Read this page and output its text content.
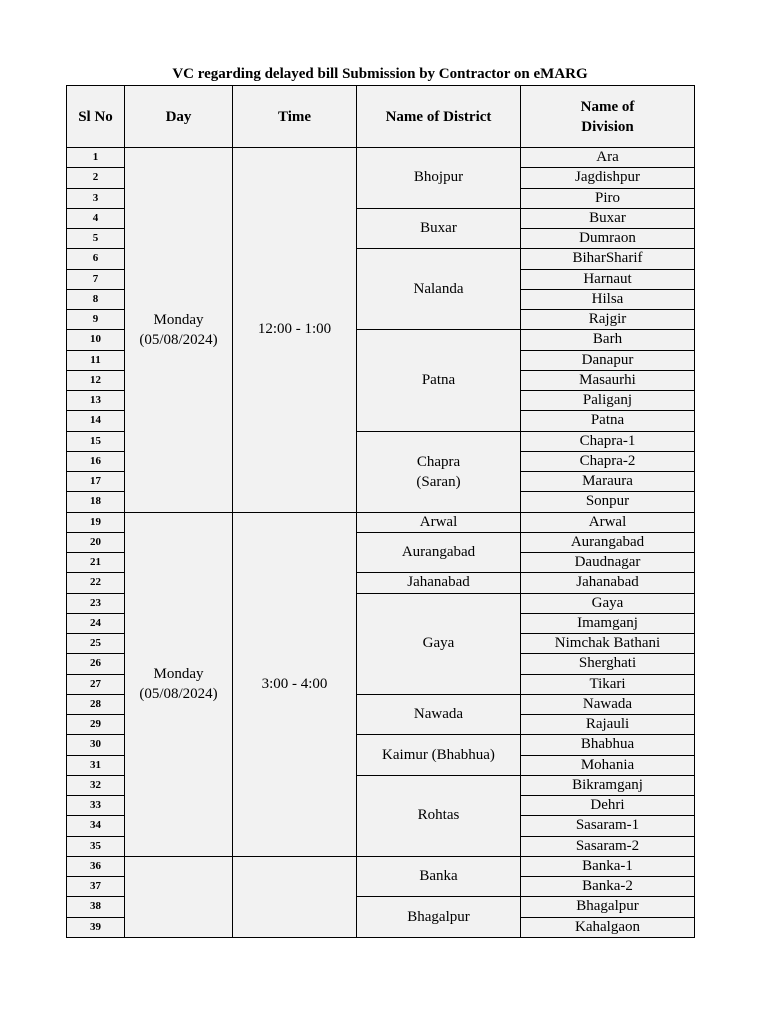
VC regarding delayed bill Submission by Contractor on eMARG
Sl No	Day	Time	Name of District	Name of
Division

1	Monday
(05/08/2024)	12:00 - 1:00	Bhojpur	Ara
2				Jagdishpur
3				Piro
4			Buxar	Buxar
5				Dumraon
6			Nalanda	BiharSharif
7				Harnaut
8				Hilsa
9				Rajgir
10			Patna	Barh
11				Danapur
12				Masaurhi
13				Paliganj
14				Patna
15			Chapra
(Saran)	Chapra-1
16				Chapra-2
17				Maraura
18				Sonpur
19	Monday
(05/08/2024)	3:00 - 4:00	Arwal	Arwal
20			Aurangabad	Aurangabad
21				Daudnagar
22			Jahanabad	Jahanabad
23			Gaya	Gaya
24				Imamganj
25				Nimchak Bathani
26				Sherghati
27				Tikari
28			Nawada	Nawada
29				Rajauli
30			Kaimur (Bhabhua)	Bhabhua
31				Mohania
32			Rohtas	Bikramganj
33				Dehri
34				Sasaram-1
35				Sasaram-2
36			Banka	Banka-1
37				Banka-2
38			Bhagalpur	Bhagalpur
39				Kahalgaon
